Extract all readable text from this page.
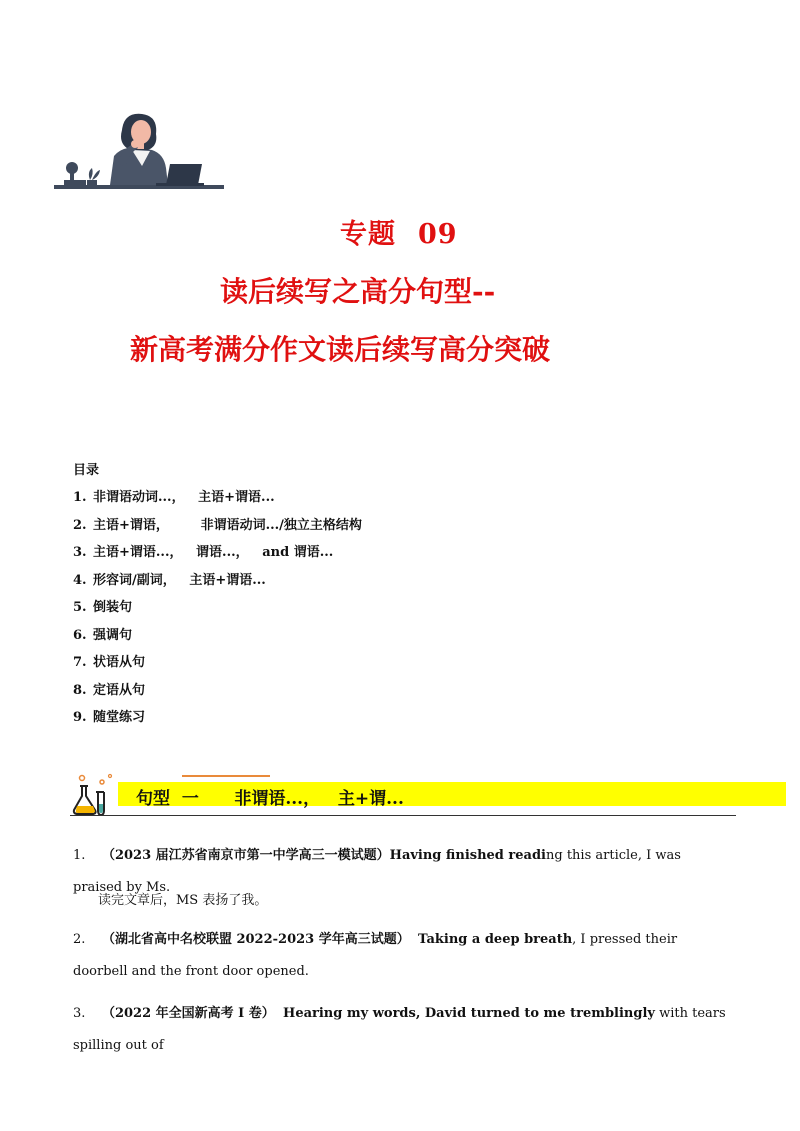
专题 09
读后续写之高分句型--
新高考满分作文读后续写高分突破
目录
1. 非谓语动词...，   主语+谓语...
2. 主语+谓语，       非谓语动词.../独立主格结构
3. 主语+谓语...，   谓语...，   and 谓语...
4. 形容词/副词，   主语+谓语...
5. 倒装句
6. 强调句
7. 状语从句
8. 定语从句
9. 随堂练习
句型  一      非谓语...，   主+谓...
1. （2023 届江苏省南京市第一中学高三一模试题）Having finished reading this article, I was praised by Ms.
读完文章后，MS 表扬了我。
2. （湖北省高中名校联盟 2022-2023 学年高三试题） Taking a deep breath, I pressed their doorbell and the front door opened.
3. （2022 年全国新高考 I 卷） Hearing my words, David turned to me tremblingly with tears spilling out of
